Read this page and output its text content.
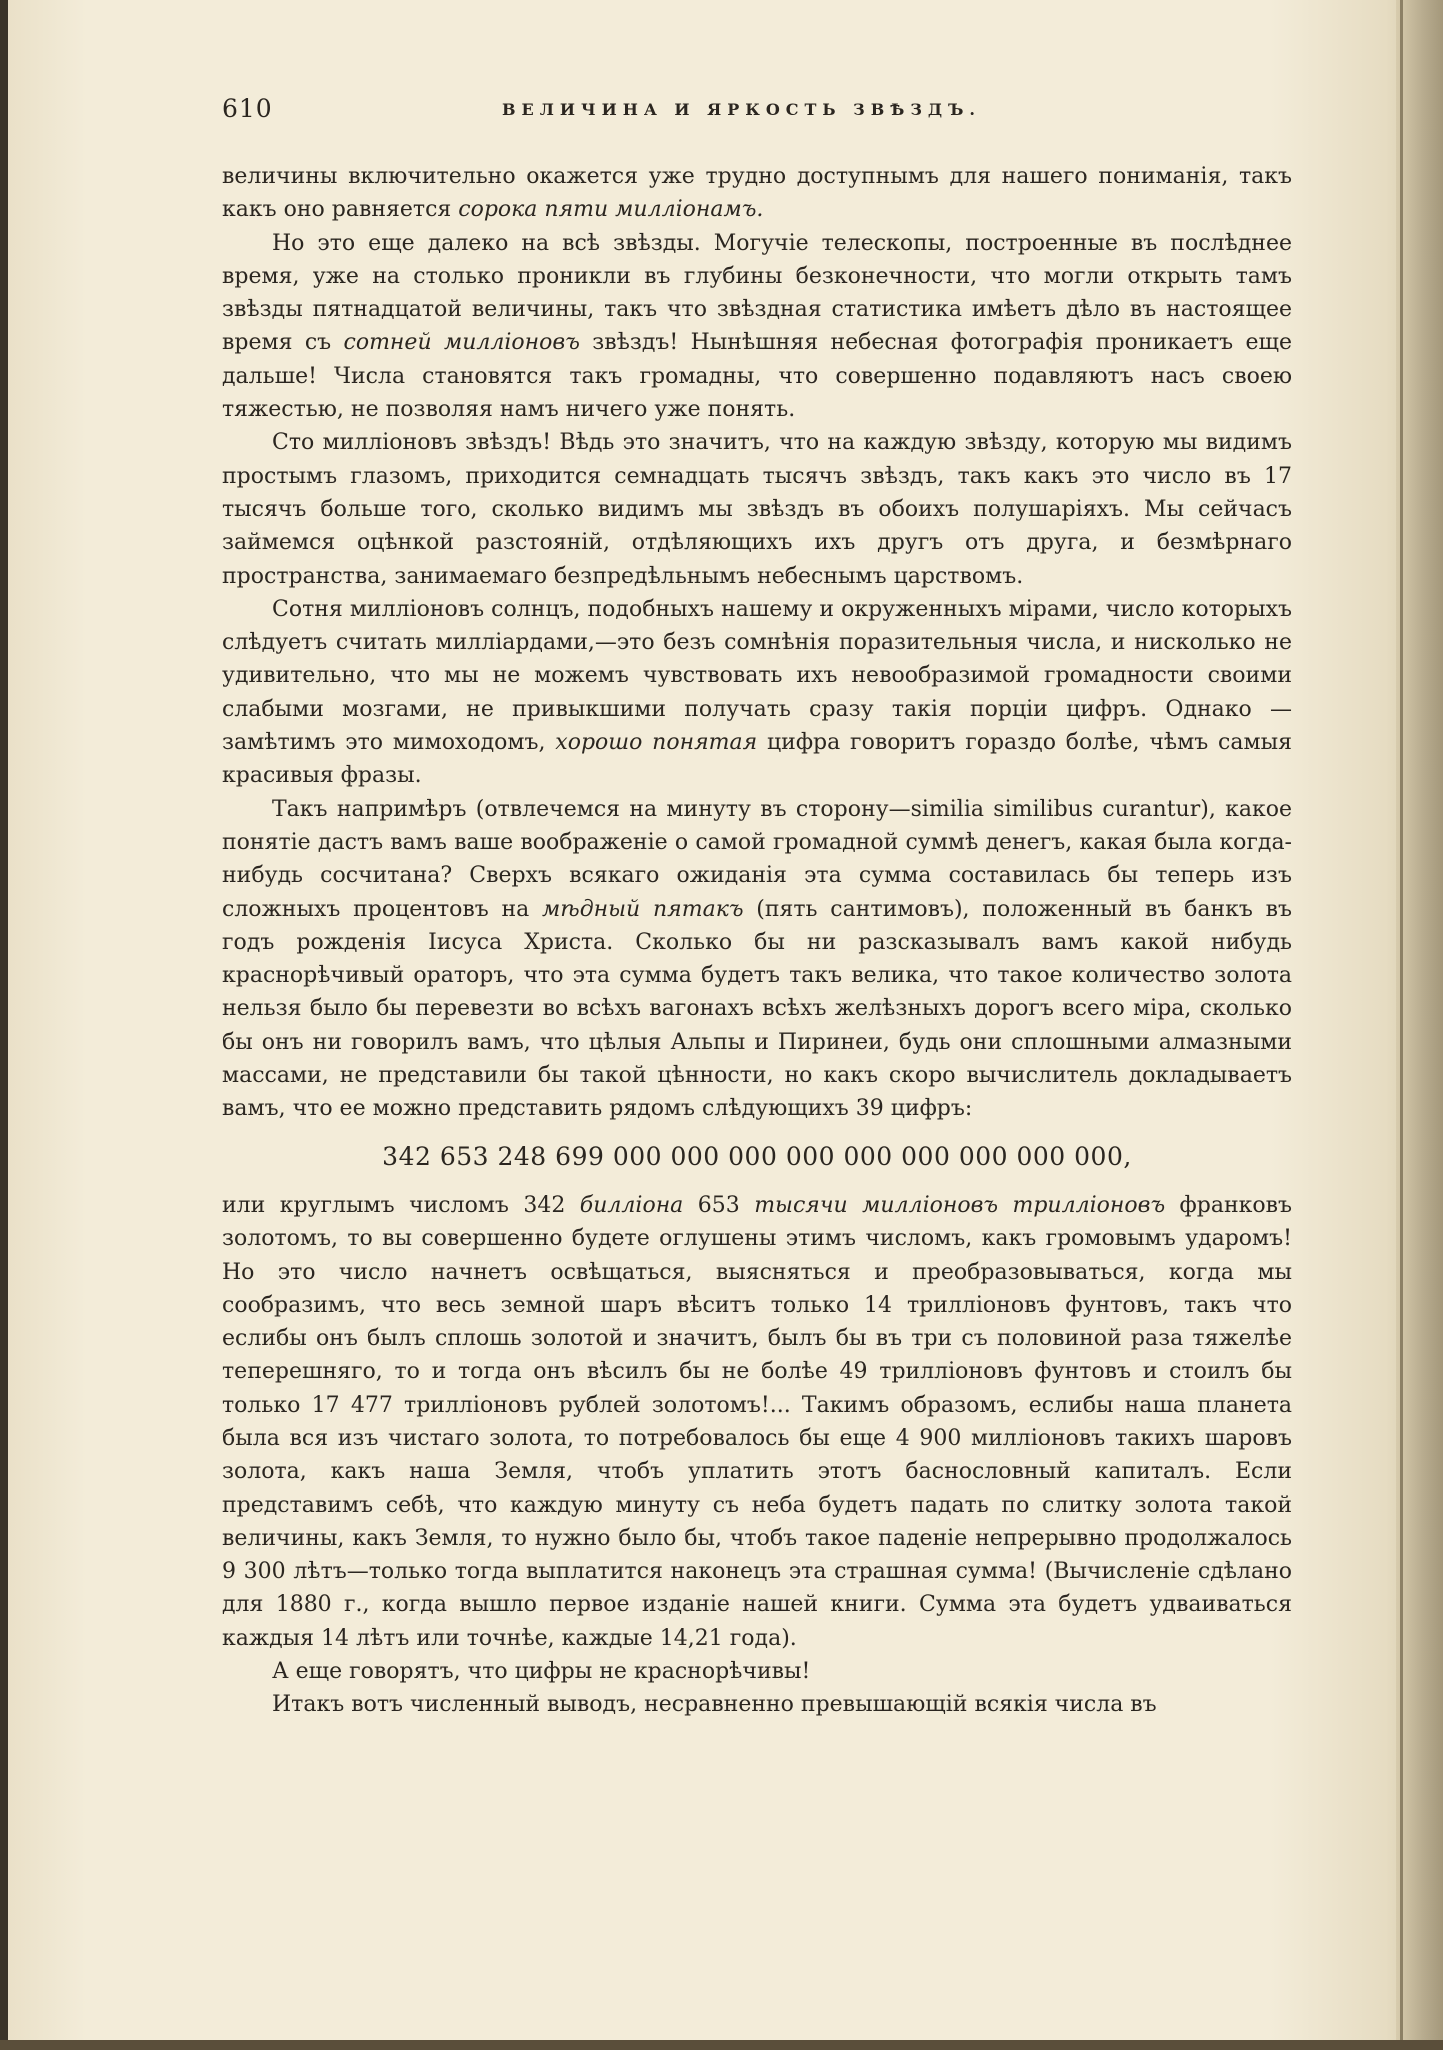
610	ВЕЛИЧИНА И ЯРКОСТЬ ЗВѢЗДЪ.

величины включительно окажется уже трудно доступнымъ для нашего пониманія, такъ какъ оно равняется сорока пяти милліонамъ.

Но это еще далеко на всѣ звѣзды. Могучіе телескопы, построенные въ послѣднее время, уже на столько проникли въ глубины безконечности, что могли открыть тамъ звѣзды пятнадцатой величины, такъ что звѣздная статистика имѣетъ дѣло въ настоящее время съ сотней милліоновъ звѣздъ! Нынѣшняя небесная фотографія проникаетъ еще дальше! Числа становятся такъ громадны, что совершенно подавляютъ насъ своею тяжестью, не позволяя намъ ничего уже понять.

Сто милліоновъ звѣздъ! Вѣдь это значитъ, что на каждую звѣзду, которую мы видимъ простымъ глазомъ, приходится семнадцать тысячъ звѣздъ, такъ какъ это число въ 17 тысячъ больше того, сколько видимъ мы звѣздъ въ обоихъ полушаріяхъ. Мы сейчасъ займемся оцѣнкой разстояній, отдѣляющихъ ихъ другъ отъ друга, и безмѣрнаго пространства, занимаемаго безпредѣльнымъ небеснымъ царствомъ.

Сотня милліоновъ солнцъ, подобныхъ нашему и окруженныхъ мірами, число которыхъ слѣдуетъ считать милліардами,—это безъ сомнѣнія поразительныя числа, и нисколько не удивительно, что мы не можемъ чувствовать ихъ невообразимой громадности своими слабыми мозгами, не привыкшими получать сразу такія порціи цифръ. Однако — замѣтимъ это мимоходомъ, хорошо понятая цифра говоритъ гораздо болѣе, чѣмъ самыя красивыя фразы.

Такъ напримѣръ (отвлечемся на минуту въ сторону—similia similibus curantur), какое понятіе дастъ вамъ ваше воображеніе о самой громадной суммѣ денегъ, какая была когда-нибудь сосчитана? Сверхъ всякаго ожиданія эта сумма составилась бы теперь изъ сложныхъ процентовъ на мѣдный пятакъ (пять сантимовъ), положенный въ банкъ въ годъ рожденія Іисуса Христа. Сколько бы ни разсказывалъ вамъ какой нибудь краснорѣчивый ораторъ, что эта сумма будетъ такъ велика, что такое количество золота нельзя было бы перевезти во всѣхъ вагонахъ всѣхъ желѣзныхъ дорогъ всего міра, сколько бы онъ ни говорилъ вамъ, что цѣлыя Альпы и Пиринеи, будь они сплошными алмазными массами, не представили бы такой цѣнности, но какъ скоро вычислитель докладываетъ вамъ, что ее можно представить рядомъ слѣдующихъ 39 цифръ:

342 653 248 699 000 000 000 000 000 000 000 000 000,

или круглымъ числомъ 342 билліона 653 тысячи милліоновъ трилліоновъ франковъ золотомъ, то вы совершенно будете оглушены этимъ числомъ, какъ громовымъ ударомъ! Но это число начнетъ освѣщаться, выясняться и преобразовываться, когда мы сообразимъ, что весь земной шаръ вѣситъ только 14 трилліоновъ фунтовъ, такъ что еслибы онъ былъ сплошь золотой и значитъ, былъ бы въ три съ половиной раза тяжелѣе теперешняго, то и тогда онъ вѣсилъ бы не болѣе 49 трилліоновъ фунтовъ и стоилъ бы только 17 477 трилліоновъ рублей золотомъ!... Такимъ образомъ, еслибы наша планета была вся изъ чистаго золота, то потребовалось бы еще 4 900 милліоновъ такихъ шаровъ золота, какъ наша Земля, чтобъ уплатить этотъ баснословный капиталъ. Если представимъ себѣ, что каждую минуту съ неба будетъ падать по слитку золота такой величины, какъ Земля, то нужно было бы, чтобъ такое паденіе непрерывно продолжалось 9 300 лѣтъ—только тогда выплатится наконецъ эта страшная сумма! (Вычисленіе сдѣлано для 1880 г., когда вышло первое изданіе нашей книги. Сумма эта будетъ удваиваться каждыя 14 лѣтъ или точнѣе, каждые 14,21 года).

А еще говорятъ, что цифры не краснорѣчивы!

Итакъ вотъ численный выводъ, несравненно превышающій всякія числа въ
